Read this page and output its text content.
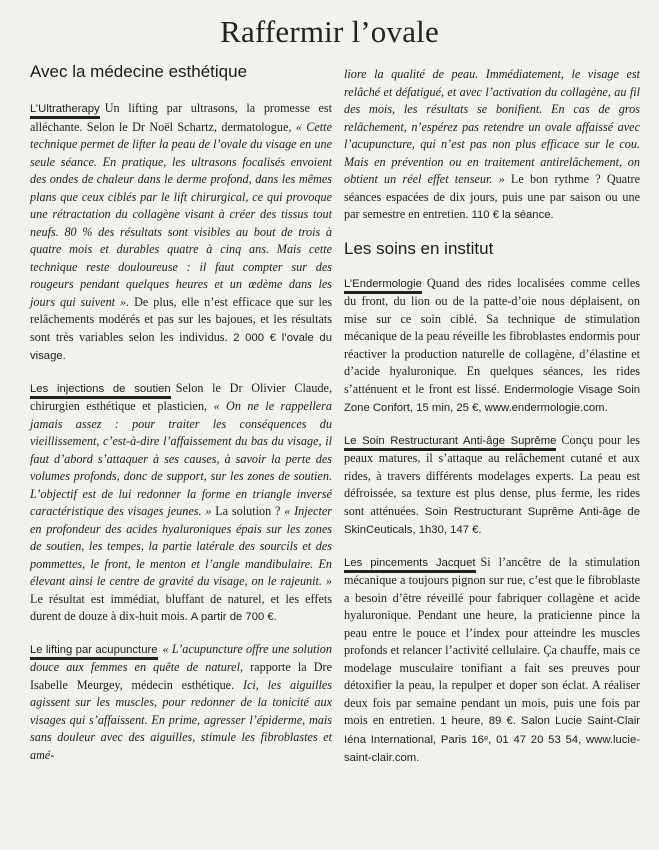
Raffermir l’ovale
Avec la médecine esthétique

L’Ultratherapy Un lifting par ultrasons, la promesse est alléchante. Selon le Dr Noël Schartz, dermatologue, « Cette technique permet de lifter la peau de l’ovale du visage en une seule séance. En pratique, les ultrasons focalisés envoient des ondes de chaleur dans le derme profond, dans les mêmes plans que ceux ciblés par le lift chirurgical, ce qui provoque une rétractation du collagène visant à créer des tissus tout neufs. 80 % des résultats sont visibles au bout de trois à quatre mois et durables quatre à cinq ans. Mais cette technique reste douloureuse : il faut compter sur des rougeurs pendant quelques heures et un œdème dans les jours qui suivent ». De plus, elle n’est efficace que sur les relâchements modérés et pas sur les bajoues, et les résultats sont très variables selon les individus. 2 000 € l’ovale du visage.

Les injections de soutien Selon le Dr Olivier Claude, chirurgien esthétique et plasticien, « On ne le rappellera jamais assez : pour traiter les conséquences du vieillissement, c’est-à-dire l’affaissement du bas du visage, il faut d’abord s’attaquer à ses causes, à savoir la perte des volumes profonds, donc de support, sur les zones de soutien. L’objectif est de lui redonner la forme en triangle inversé caractéristique des visages jeunes. » La solution ? « Injecter en profondeur des acides hyaluroniques épais sur les zones de soutien, les tempes, la partie latérale des sourcils et des pommettes, le front, le menton et l’angle mandibulaire. En élevant ainsi le centre de gravité du visage, on le rajeunit. » Le résultat est immédiat, bluffant de naturel, et les effets durent de douze à dix-huit mois. A partir de 700 €.

Le lifting par acupuncture « L’acupuncture offre une solution douce aux femmes en quête de naturel, rapporte la Dre Isabelle Meurgey, médecin esthétique. Ici, les aiguilles agissent sur les muscles, pour redonner de la tonicité aux visages qui s’affaissent. En prime, agresser l’épiderme, mais sans douleur avec des aiguilles, stimule les fibroblastes et amé-

liore la qualité de peau. Immédiatement, le visage est relâché et défatigué, et avec l’activation du collagène, au fil des mois, les résultats se bonifient. En cas de gros relâchement, n’espérez pas retendre un ovale affaissé avec l’acupuncture, qui n’est pas non plus efficace sur le cou. Mais en prévention ou en traitement antirelâchement, on obtient un réel effet tenseur. » Le bon rythme ? Quatre séances espacées de dix jours, puis une par saison ou une par semestre en entretien. 110 € la séance.

Les soins en institut

L’Endermologie Quand des rides localisées comme celles du front, du lion ou de la patte-d’oie nous déplaisent, on mise sur ce soin ciblé. Sa technique de stimulation mécanique de la peau réveille les fibroblastes endormis pour réactiver la production naturelle de collagène, d’élastine et d’acide hyaluronique. En quelques séances, les rides s’atténuent et le front est lissé. Endermologie Visage Soin Zone Confort, 15 min, 25 €, www.endermologie.com.

Le Soin Restructurant Anti-âge Suprême Conçu pour les peaux matures, il s’attaque au relâchement cutané et aux rides, à travers différents modelages experts. La peau est défroissée, sa texture est plus dense, plus ferme, les rides sont atténuées. Soin Restructurant Suprême Anti-âge de SkinCeuticals, 1h30, 147 €.

Les pincements Jacquet Si l’ancêtre de la stimulation mécanique a toujours pignon sur rue, c’est que le fibroblaste a besoin d’être réveillé pour fabriquer collagène et acide hyaluronique. Pendant une heure, la praticienne pince la peau entre le pouce et l’index pour atteindre les muscles profonds et relancer l’activité cellulaire. Ça chauffe, mais ce modelage musculaire tonifiant a fait ses preuves pour détoxifier la peau, la repulper et doper son éclat. A réaliser deux fois par semaine pendant un mois, puis une fois par mois en entretien. 1 heure, 89 €. Salon Lucie Saint-Clair Iéna International, Paris 16ᵉ, 01 47 20 53 54, www.lucie-saint-clair.com.
